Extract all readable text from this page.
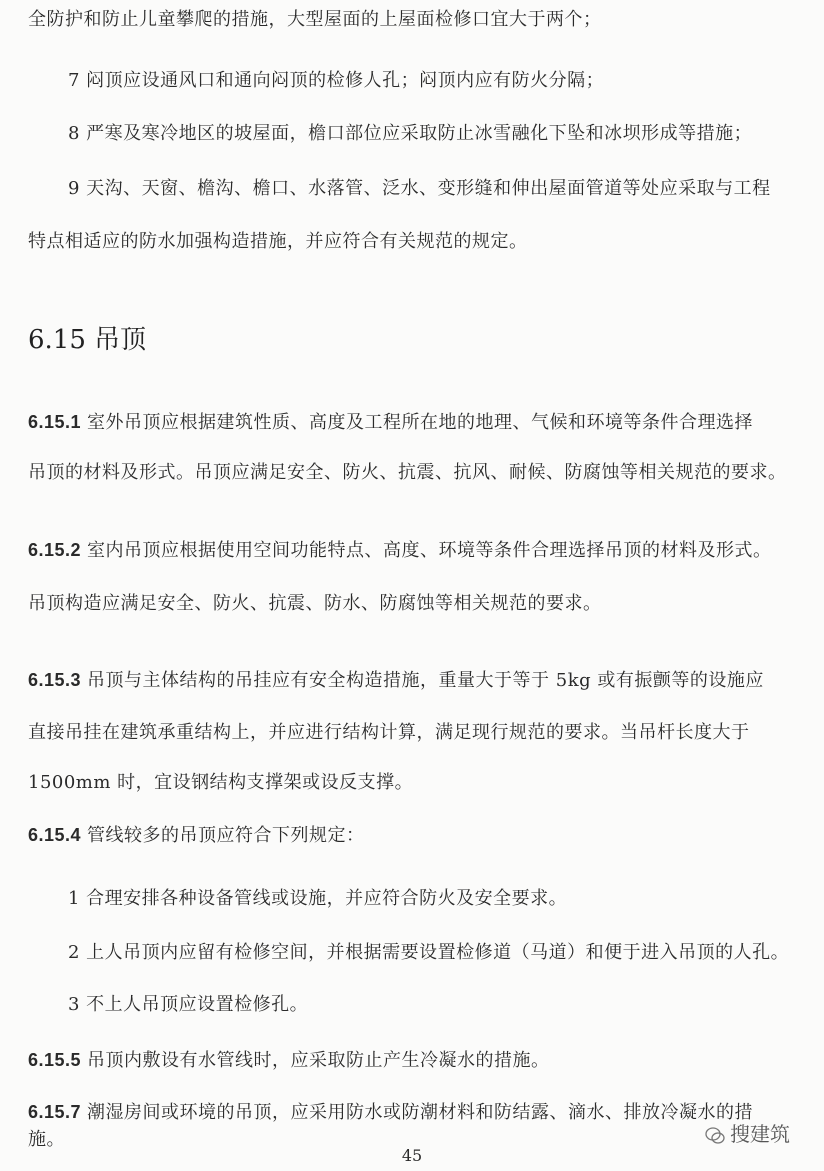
全防护和防止儿童攀爬的措施，大型屋面的上屋面检修口宜大于两个；
7 闷顶应设通风口和通向闷顶的检修人孔；闷顶内应有防火分隔；
8 严寒及寒冷地区的坡屋面，檐口部位应采取防止冰雪融化下坠和冰坝形成等措施；
9 天沟、天窗、檐沟、檐口、水落管、泛水、变形缝和伸出屋面管道等处应采取与工程
特点相适应的防水加强构造措施，并应符合有关规范的规定。
6.15 吊顶
6.15.1 室外吊顶应根据建筑性质、高度及工程所在地的地理、气候和环境等条件合理选择
吊顶的材料及形式。吊顶应满足安全、防火、抗震、抗风、耐候、防腐蚀等相关规范的要求。
6.15.2 室内吊顶应根据使用空间功能特点、高度、环境等条件合理选择吊顶的材料及形式。
吊顶构造应满足安全、防火、抗震、防水、防腐蚀等相关规范的要求。
6.15.3 吊顶与主体结构的吊挂应有安全构造措施，重量大于等于 5kg 或有振颤等的设施应
直接吊挂在建筑承重结构上，并应进行结构计算，满足现行规范的要求。当吊杆长度大于
1500mm 时，宜设钢结构支撑架或设反支撑。
6.15.4 管线较多的吊顶应符合下列规定：
1 合理安排各种设备管线或设施，并应符合防火及安全要求。
2 上人吊顶内应留有检修空间，并根据需要设置检修道（马道）和便于进入吊顶的人孔。
3 不上人吊顶应设置检修孔。
6.15.5 吊顶内敷设有水管线时，应采取防止产生冷凝水的措施。
6.15.7 潮湿房间或环境的吊顶，应采用防水或防潮材料和防结露、滴水、排放冷凝水的措
施。	搜建筑
45
